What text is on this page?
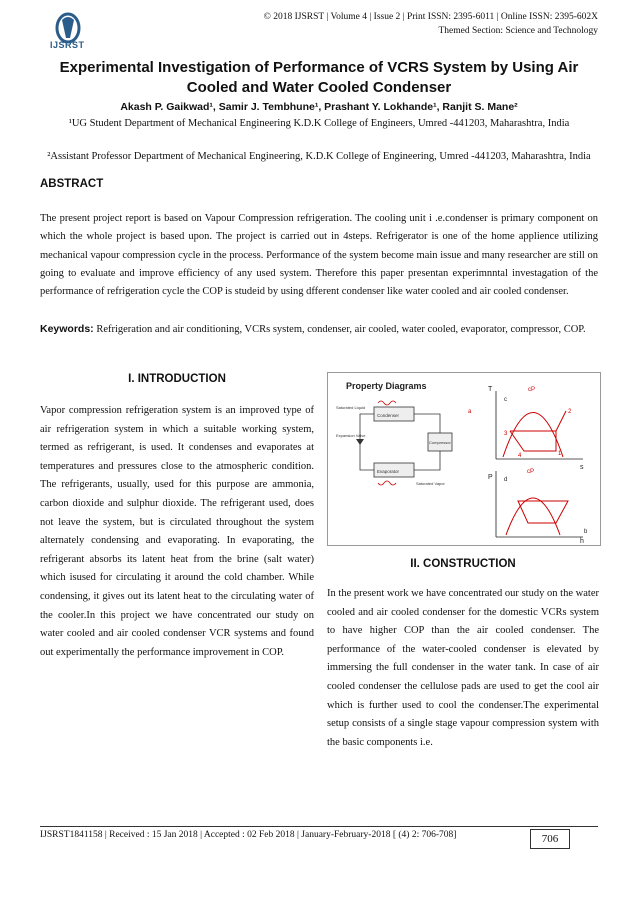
IJSRST
© 2018 IJSRST | Volume 4 | Issue 2 | Print ISSN: 2395-6011 | Online ISSN: 2395-602X
Themed Section: Science and Technology
Experimental Investigation of Performance of VCRS System by Using Air Cooled and Water Cooled Condenser
Akash P. Gaikwad¹, Samir J. Tembhune¹, Prashant Y. Lokhande¹, Ranjit S. Mane²
¹UG Student Department of Mechanical Engineering K.D.K College of Engineers, Umred -441203, Maharashtra, India
²Assistant Professor Department of Mechanical Engineering, K.D.K College of Engineering, Umred -441203, Maharashtra, India
ABSTRACT
The present project report is based on Vapour Compression refrigeration. The cooling unit i .e.condenser is primary component on which the whole project is based upon. The project is carried out in 4steps. Refrigerator is one of the home applience utilizing mechanical vapour compression cycle in the process. Performance of the system become main issue and many researcher are still on going to evaluate and improve efficiency of any used system. Therefore this paper presentan experimnntal investagation of the performance of refrigeration cycle the COP is studeid by using dfferent condenser like water cooled and air cooled condenser.
Keywords: Refrigeration and air conditioning, VCRs system, condenser, air cooled, water cooled, evaporator, compressor, COP.
I. INTRODUCTION
Vapor compression refrigeration system is an improved type of air refrigeration system in which a suitable working system, termed as refrigerant, is used. It condenses and evaporates at temperatures and pressures close to the atmospheric condition. The refrigerants, usually, used for this purpose are ammonia, carbon dioxide and sulphur dioxide. The refrigerant used, does not leave the system, but is circulated throughout the system alternately condensing and evaporating. In evaporating, the refrigerant absorbs its latent heat from the brine (salt water) which isused for circulating it around the cold chamber. While condensing, it gives out its latent heat to the circulating water of the cooler.In this project we have concentrated our study on water cooled and air cooled condenser VCR systems and found out experimentally the performance improvement in COP.
Property Diagrams
Condenser
Evaporator
Compressor
Expansion Valve
Saturated Liquid
Saturated Vapor
T
s
cP
3
2
1
4
c
P
h
cP
d
b
a
II. CONSTRUCTION
In the present work we have concentrated our study on the water cooled and air cooled condenser for the domestic VCRs system to have higher COP than the air cooled condenser. The performance of the water-cooled condenser is elevated by immersing the full condenser in the water tank. In case of air cooled condenser the cellulose pads are used to get the cool air which is further used to cool the condenser.The experimental setup consists of a single stage vapour compression system with the basic components i.e.
IJSRST1841158 | Received : 15 Jan 2018 | Accepted : 02 Feb 2018 | January-February-2018 [ (4) 2: 706-708]	706
